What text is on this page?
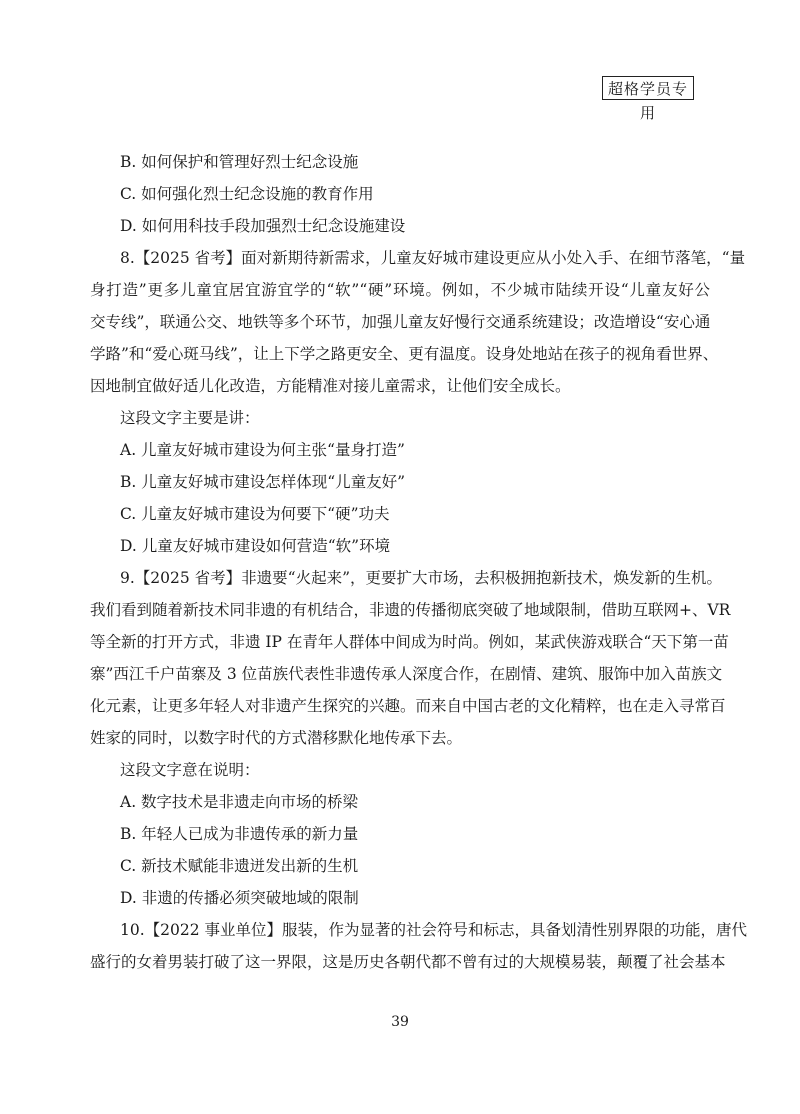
超格学员专用
B. 如何保护和管理好烈士纪念设施
C. 如何强化烈士纪念设施的教育作用
D. 如何用科技手段加强烈士纪念设施建设
8.【2025 省考】面对新期待新需求，儿童友好城市建设更应从小处入手、在细节落笔，“量
身打造”更多儿童宜居宜游宜学的“软”“硬”环境。例如，不少城市陆续开设“儿童友好公
交专线”，联通公交、地铁等多个环节，加强儿童友好慢行交通系统建设；改造增设“安心通
学路”和“爱心斑马线”，让上下学之路更安全、更有温度。设身处地站在孩子的视角看世界、
因地制宜做好适儿化改造，方能精准对接儿童需求，让他们安全成长。
这段文字主要是讲：
A. 儿童友好城市建设为何主张“量身打造”
B. 儿童友好城市建设怎样体现“儿童友好”
C. 儿童友好城市建设为何要下“硬”功夫
D. 儿童友好城市建设如何营造“软”环境
9.【2025 省考】非遗要“火起来”，更要扩大市场，去积极拥抱新技术，焕发新的生机。
我们看到随着新技术同非遗的有机结合，非遗的传播彻底突破了地域限制，借助互联网+、VR
等全新的打开方式，非遗 IP 在青年人群体中间成为时尚。例如，某武侠游戏联合“天下第一苗
寨”西江千户苗寨及 3 位苗族代表性非遗传承人深度合作，在剧情、建筑、服饰中加入苗族文
化元素，让更多年轻人对非遗产生探究的兴趣。而来自中国古老的文化精粹，也在走入寻常百
姓家的同时，以数字时代的方式潜移默化地传承下去。
这段文字意在说明：
A. 数字技术是非遗走向市场的桥梁
B. 年轻人已成为非遗传承的新力量
C. 新技术赋能非遗迸发出新的生机
D. 非遗的传播必须突破地域的限制
10.【2022 事业单位】服装，作为显著的社会符号和标志，具备划清性别界限的功能，唐代
盛行的女着男装打破了这一界限，这是历史各朝代都不曾有过的大规模易装，颠覆了社会基本
39
